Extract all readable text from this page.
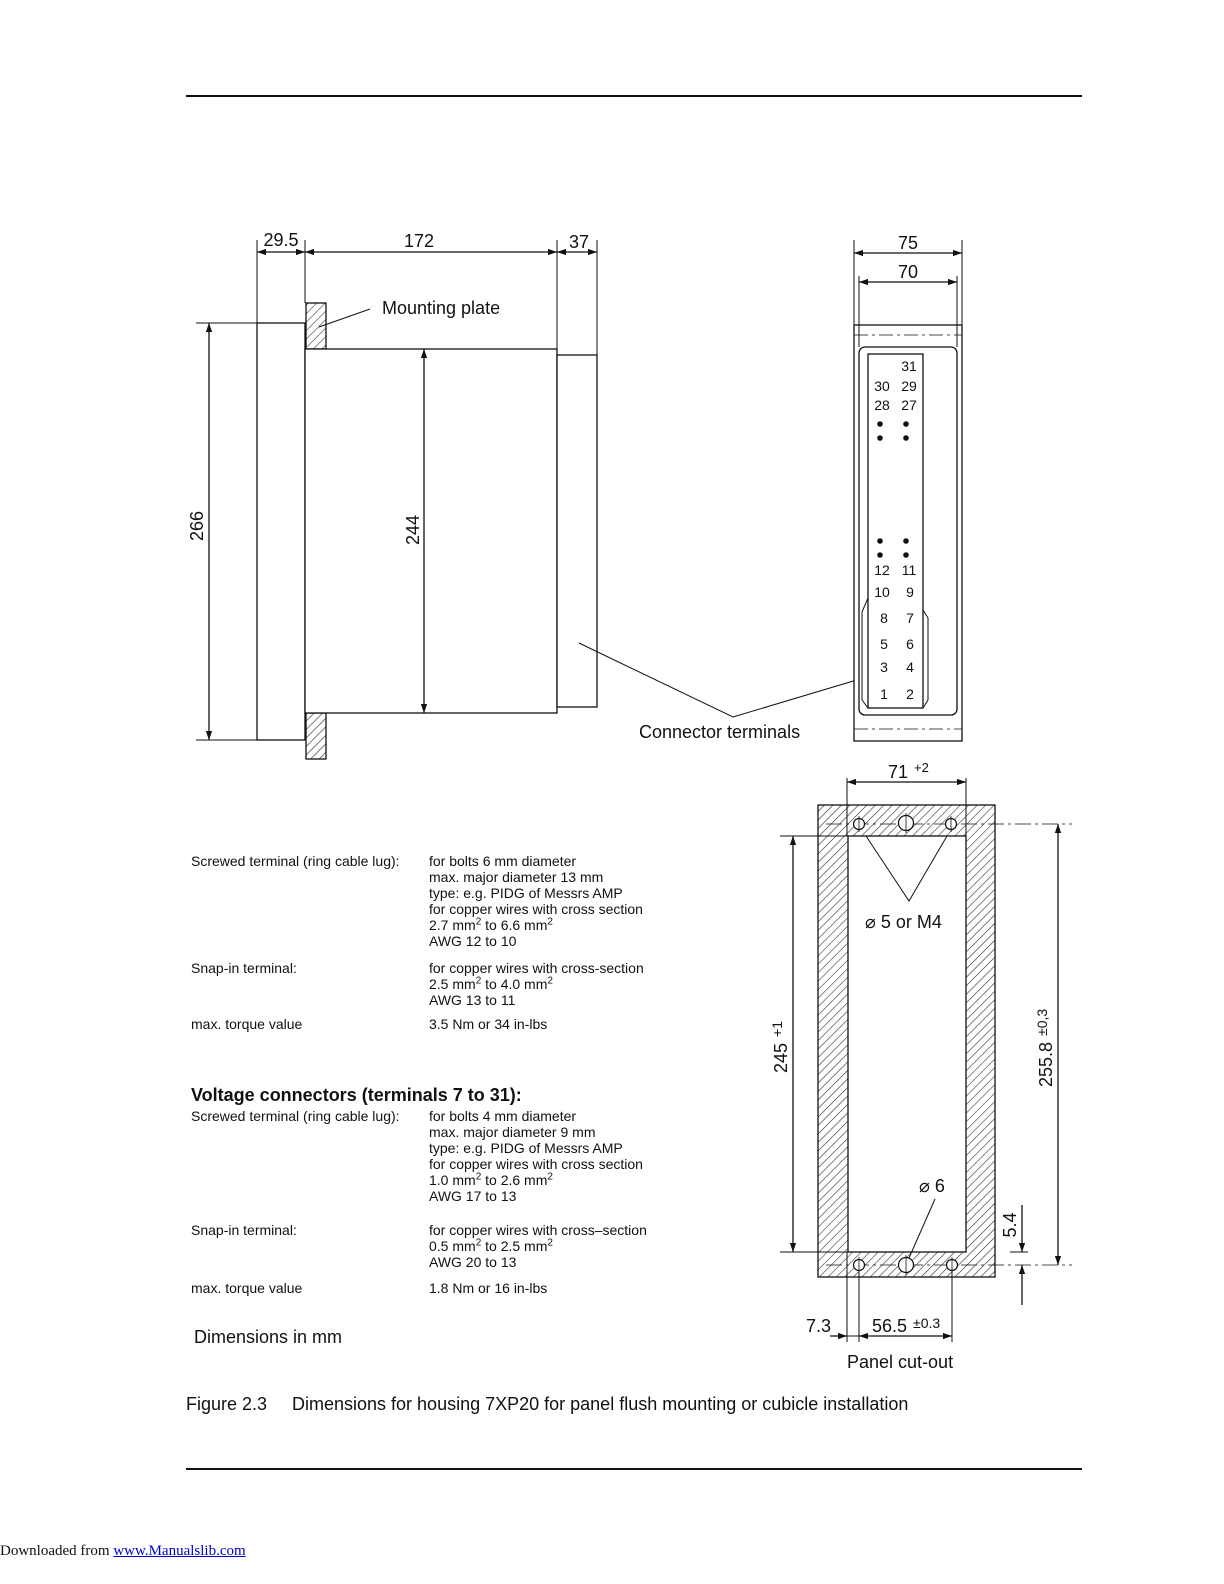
29.5	172	37
266	244
Mounting plate
Connector terminals
75
70
31
30 29
28 27
12 11
10 9
8 7
5 6
3 4
1 2
71 $^{+2}$
⌀ 5 or M4
$245^{+1}$
$255.8^{\pm 0,3}$
⌀ 6
5.4
7.3 56.5 $^{\pm 0.3}$
Panel cut-out
Screwed terminal (ring cable lug): for bolts 6 mm diameter
max. major diameter 13 mm
type: e.g. PIDG of Messrs AMP
for copper wires with cross section
2.7 $mm^2$ to 6.6 $mm^2$
AWG 12 to 10
Snap-in terminal:	for copper wires with cross-section
2.5 $mm^2$ to 4.0 $mm^2$
AWG 13 to 11
max. torque value	3.5 Nm or 34 in-lbs
Voltage connectors (terminals 7 to 31):
Screwed terminal (ring cable lug): for bolts 4 mm diameter
max. major diameter 9 mm
type: e.g. PIDG of Messrs AMP
for copper wires with cross section
1.0 $mm^2$ to 2.6 $mm^2$
AWG 17 to 13
Snap-in terminal:	for copper wires with cross–section
0.5 $mm^2$ to 2.5 $mm^2$
AWG 20 to 13
max. torque value	1.8 Nm or 16 in-lbs
Dimensions in mm
Figure 2.3 Dimensions for housing 7XP20 for panel flush mounting or cubicle installation
Downloaded from www.Manualslib.com
